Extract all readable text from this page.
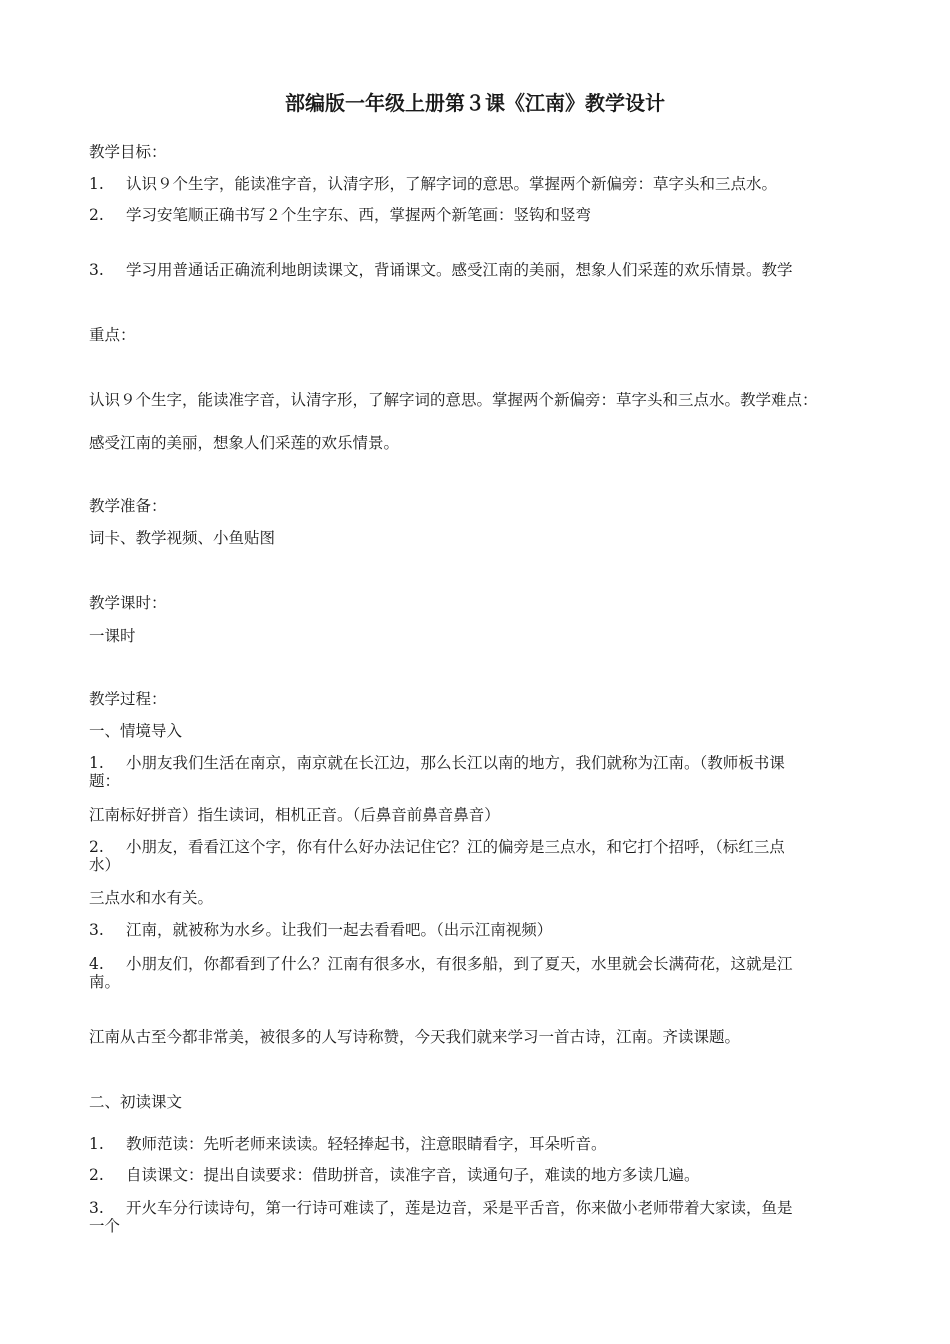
部编版一年级上册第３课《江南》教学设计
教学目标：
1. 认识９个生字，能读准字音，认清字形，了解字词的意思。掌握两个新偏旁：草字头和三点水。
2. 学习安笔顺正确书写２个生字东、西，掌握两个新笔画：竖钩和竖弯
3. 学习用普通话正确流利地朗读课文，背诵课文。感受江南的美丽，想象人们采莲的欢乐情景。教学
重点：
认识９个生字，能读准字音，认清字形，了解字词的意思。掌握两个新偏旁：草字头和三点水。教学难点：
感受江南的美丽，想象人们采莲的欢乐情景。
教学准备：
词卡、教学视频、小鱼贴图
教学课时：
一课时
教学过程：
一、情境导入
1. 小朋友我们生活在南京，南京就在长江边，那么长江以南的地方，我们就称为江南。（教师板书课
题：
江南标好拼音）指生读词，相机正音。（后鼻音前鼻音鼻音）
2. 小朋友，看看江这个字，你有什么好办法记住它？江的偏旁是三点水，和它打个招呼，（标红三点
水）
三点水和水有关。
3. 江南，就被称为水乡。让我们一起去看看吧。（出示江南视频）
4. 小朋友们，你都看到了什么？江南有很多水，有很多船，到了夏天，水里就会长满荷花，这就是江
南。
江南从古至今都非常美，被很多的人写诗称赞，今天我们就来学习一首古诗，江南。齐读课题。
二、初读课文
1. 教师范读：先听老师来读读。轻轻捧起书，注意眼睛看字，耳朵听音。
2. 自读课文：提出自读要求：借助拼音，读准字音，读通句子，难读的地方多读几遍。
3. 开火车分行读诗句，第一行诗可难读了，莲是边音，采是平舌音，你来做小老师带着大家读，鱼是
一个
